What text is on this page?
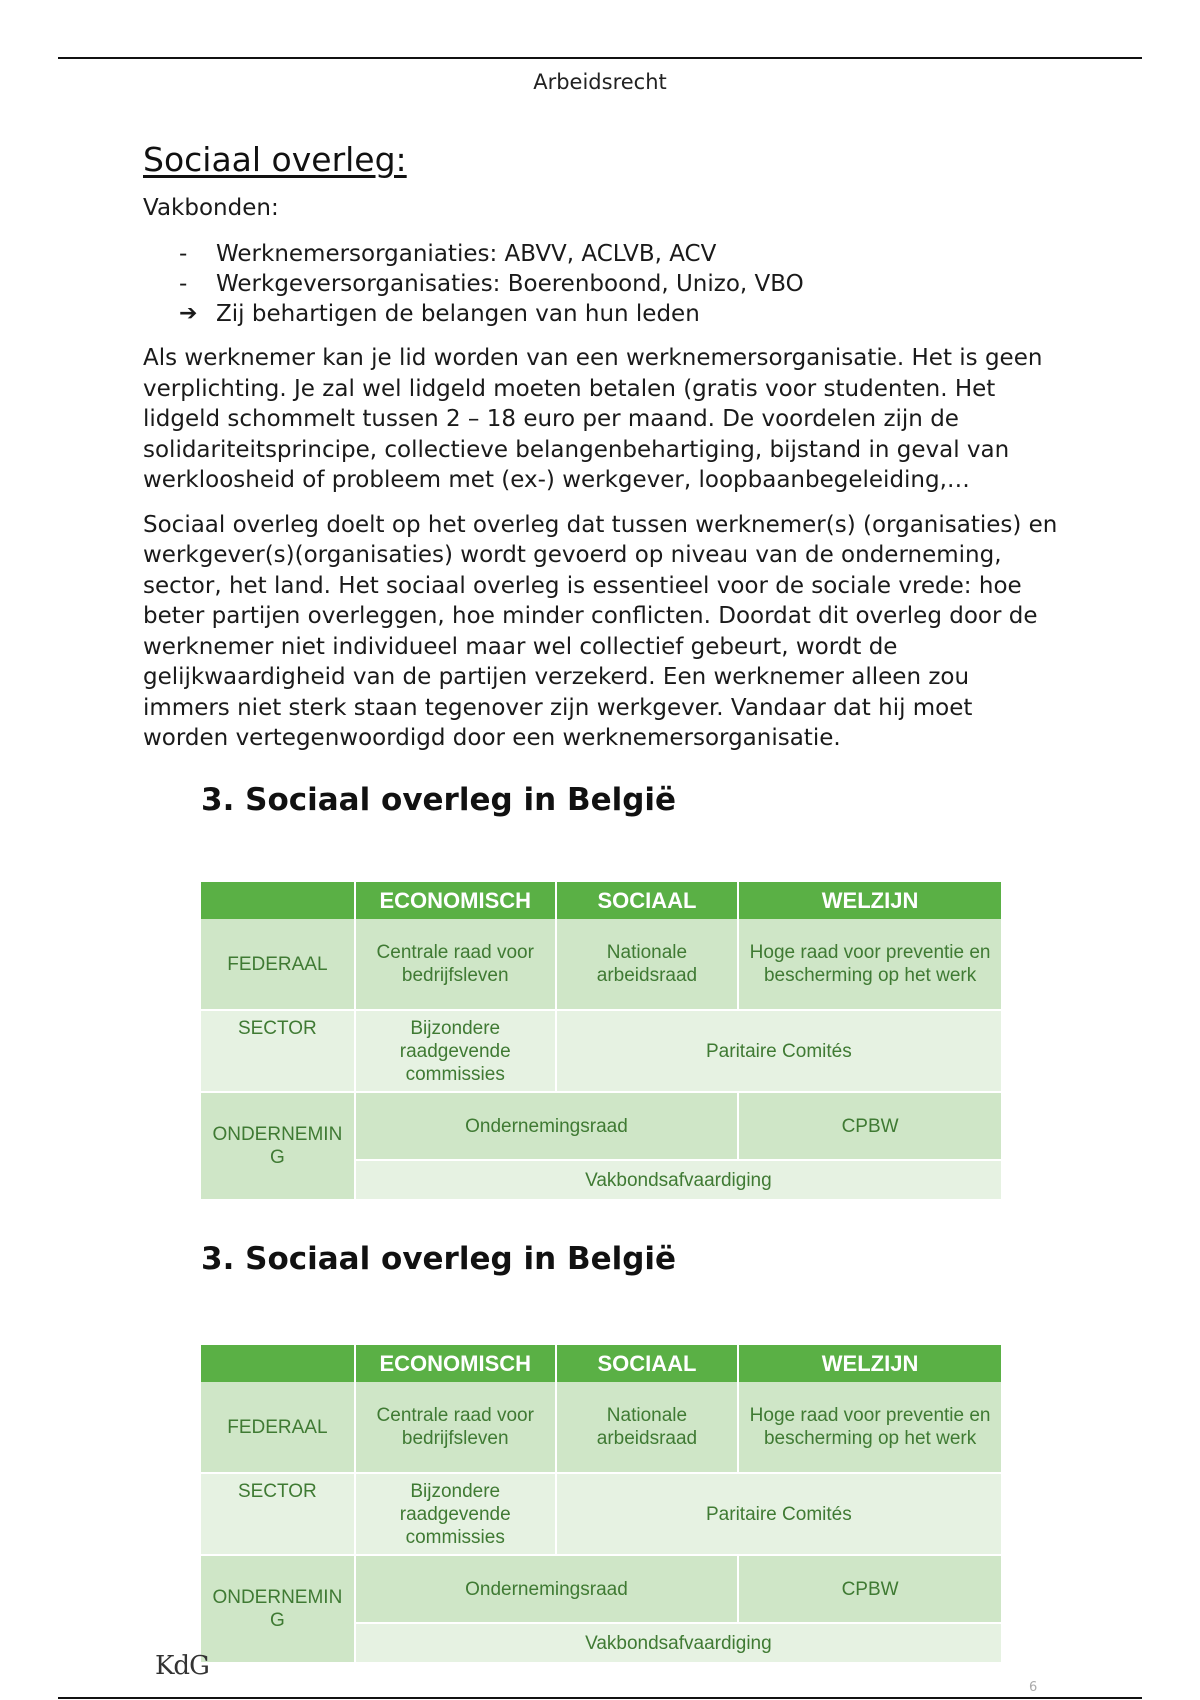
Arbeidsrecht
Sociaal overleg:
Vakbonden:
- Werknemersorganiaties: ABVV, ACLVB, ACV
- Werkgeversorganisaties: Boerenboond, Unizo, VBO
➔ Zij behartigen de belangen van hun leden

Als werknemer kan je lid worden van een werknemersorganisatie. Het is geen verplichting. Je zal wel lidgeld moeten betalen (gratis voor studenten. Het lidgeld schommelt tussen 2 – 18 euro per maand. De voordelen zijn de solidariteitsprincipe, collectieve belangenbehartiging, bijstand in geval van werkloosheid of probleem met (ex-) werkgever, loopbaanbegeleiding,…

Sociaal overleg doelt op het overleg dat tussen werknemer(s) (organisaties) en werkgever(s)(organisaties) wordt gevoerd op niveau van de onderneming, sector, het land. Het sociaal overleg is essentieel voor de sociale vrede: hoe beter partijen overleggen, hoe minder conflicten. Doordat dit overleg door de werknemer niet individueel maar wel collectief gebeurt, wordt de gelijkwaardigheid van de partijen verzekerd. Een werknemer alleen zou immers niet sterk staan tegenover zijn werkgever. Vandaar dat hij moet worden vertegenwoordigd door een werknemersorganisatie.

3. Sociaal overleg in België
	ECONOMISCH	SOCIAAL	WELZIJN
FEDERAAL	Centrale raad voor bedrijfsleven	Nationale arbeidsraad	Hoge raad voor preventie en bescherming op het werk
SECTOR	Bijzondere raadgevende commissies	Paritaire Comités	
ONDERNEMIN G	Ondernemingsraad		CPBW
	Vakbondsafvaardiging		
3. Sociaal overleg in België
	ECONOMISCH	SOCIAAL	WELZIJN
FEDERAAL	Centrale raad voor bedrijfsleven	Nationale arbeidsraad	Hoge raad voor preventie en bescherming op het werk
SECTOR	Bijzondere raadgevende commissies	Paritaire Comités	
ONDERNEMIN G	Ondernemingsraad		CPBW
	Vakbondsafvaardiging		
KdG
6
